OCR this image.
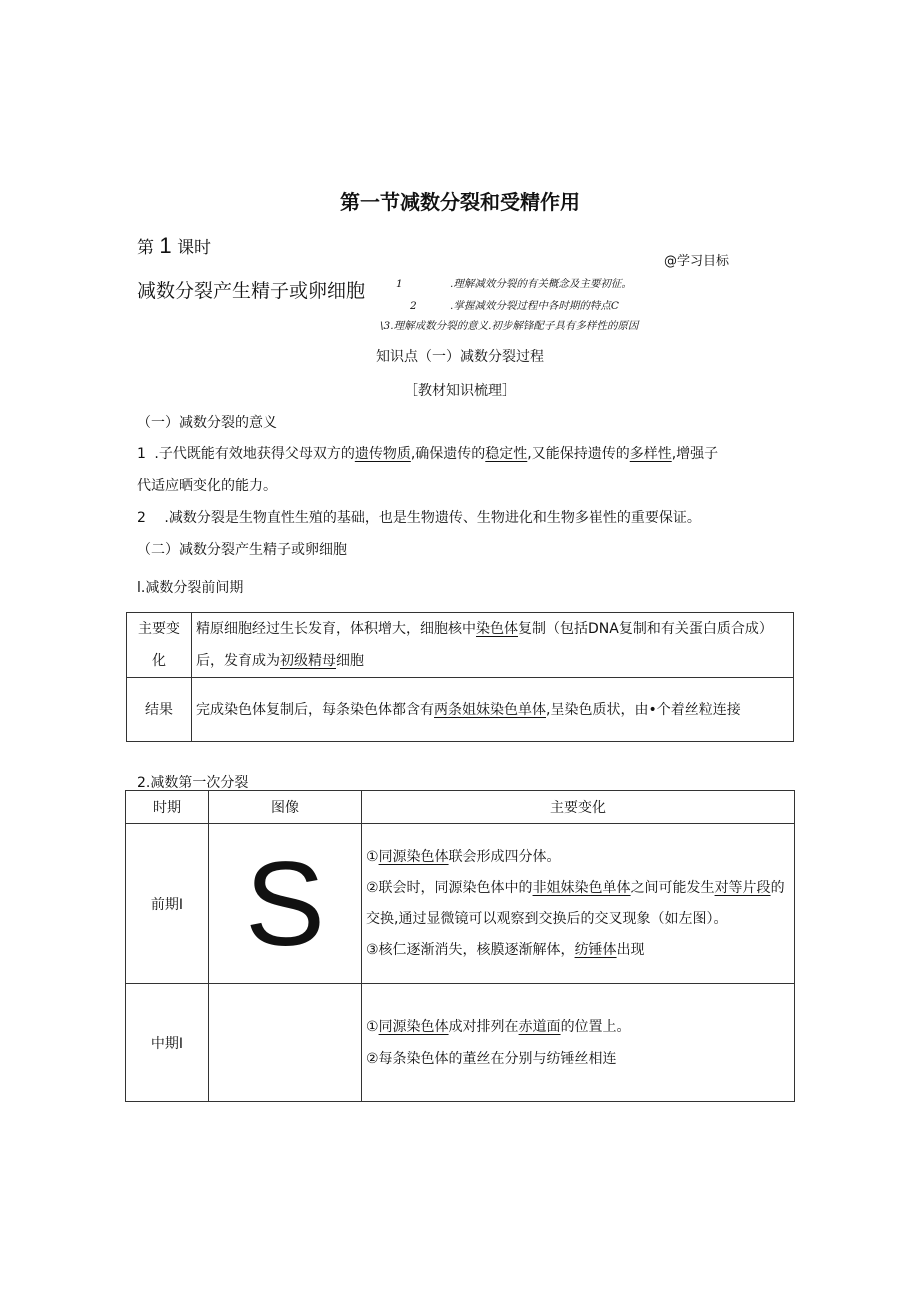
第一节减数分裂和受精作用
第 1 课时
@学习目标
减数分裂产生精子或卵细胞	1	.理解减效分裂的有关概念及主要初征。
2	.掌握减效分裂过程中各时期的特点C
\3.理解成数分裂的意义.初步解锋配子具有多样性的原因
知识点（一）减数分裂过程
［教材知识梳理］
（一）减数分裂的意义
1 .子代既能有效地获得父母双方的遗传物质,确保遗传的稳定性,又能保持遗传的多样性,增强子
代适应晒变化的能力。
2 .减数分裂是生物直性生殖的基础，也是生物遗传、生物进化和生物多崔性的重要保证。
（二）减数分裂产生精子或卵细胞
l.减数分裂前间期
主要变化	精原细胞经过生长发育，体积增大，细胞核中染色体复制（包括DNA复制和有关蛋白质合成）后，发育成为初级精母细胞

结果	完成染色体复制后，每条染色体都含有两条姐妹染色单体,呈染色质状，由•个着丝粒连接
2.减数第一次分裂
时期	图像	主要变化
前期I	S	①同源染色体联会形成四分体。
②联会时，同源染色体中的非姐妹染色单体之间可能发生对等片段的交换,通过显微镜可以观察到交换后的交叉现象（如左图）。
③核仁逐渐消失，核膜逐渐解体，纺锤体出现

中期I		①同源染色体成对排列在赤道面的位置上。
②每条染色体的董丝在分别与纺锤丝相连
